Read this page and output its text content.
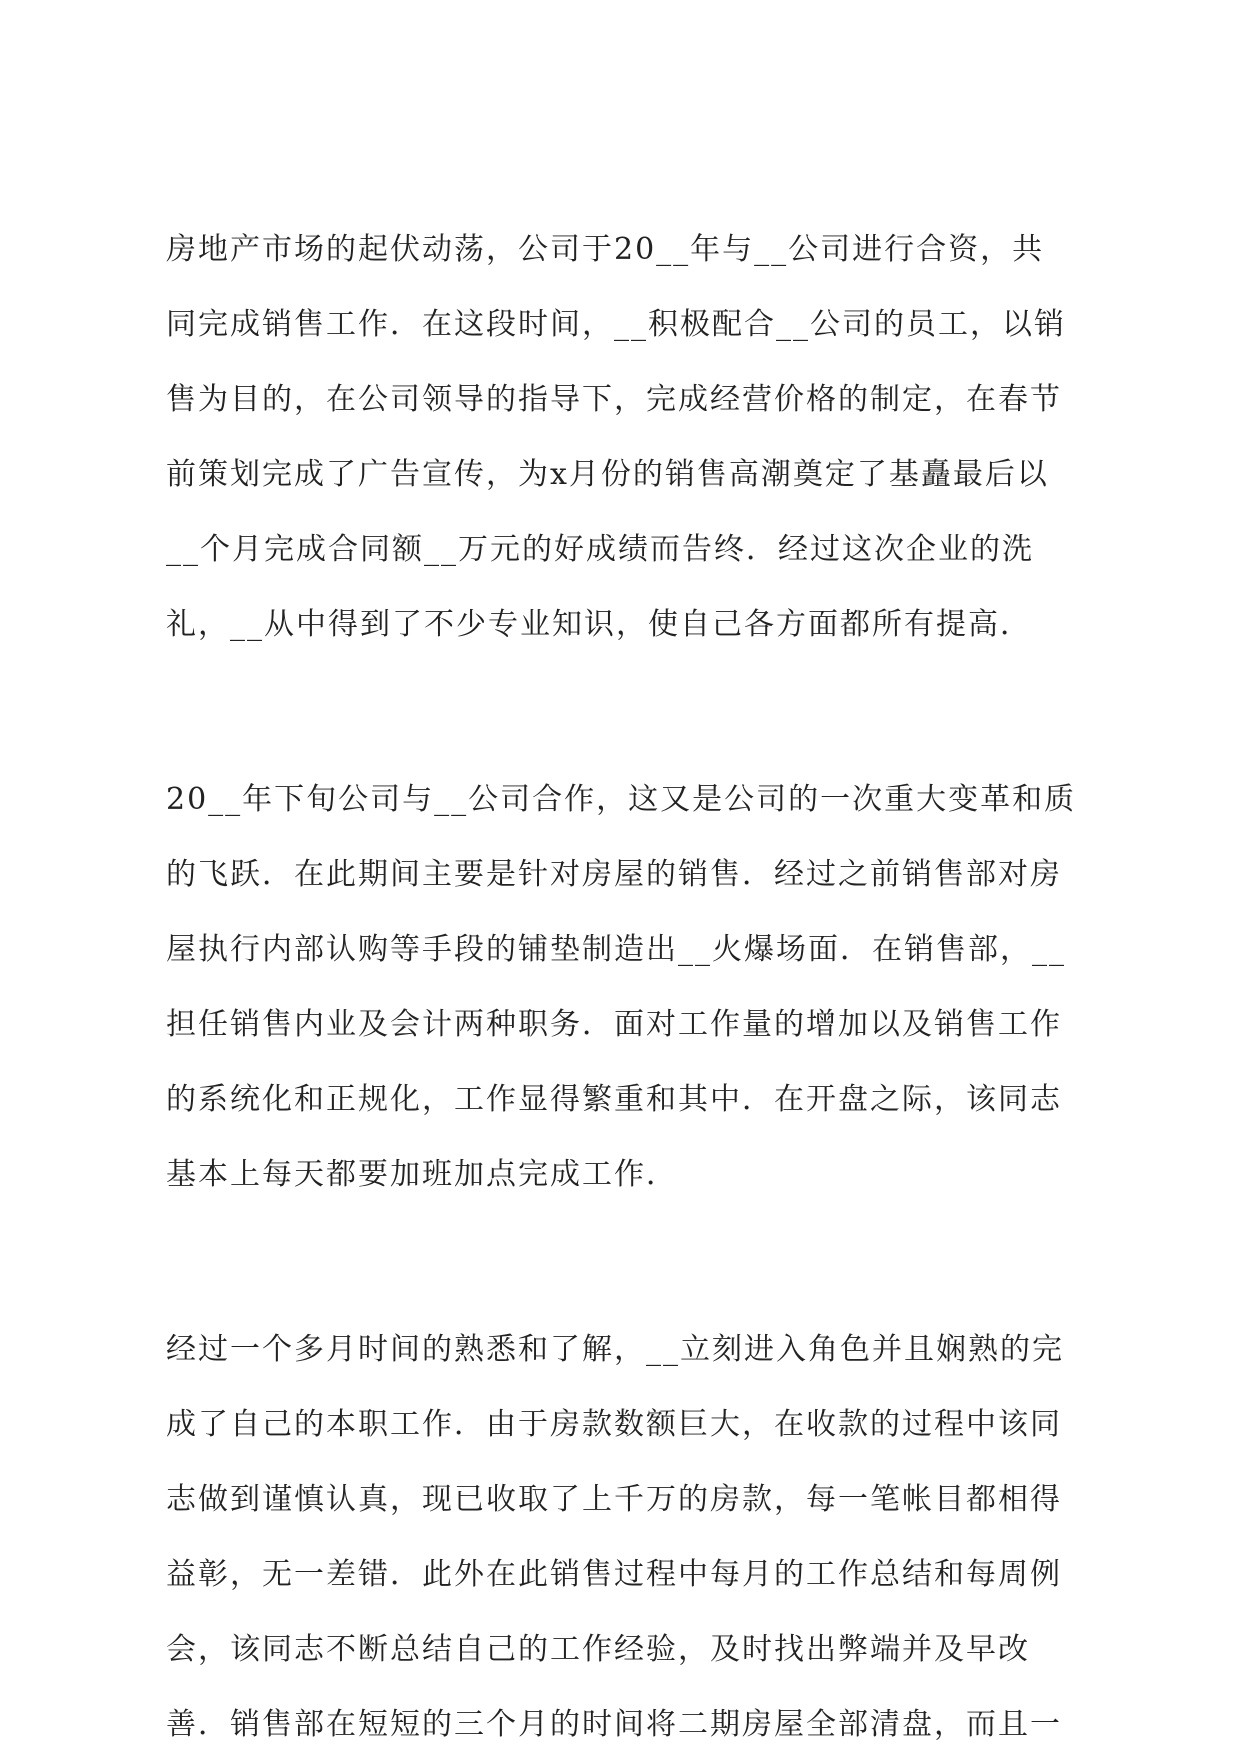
房地产市场的起伏动荡，公司于20__年与__公司进行合资，共
同完成销售工作．在这段时间，__积极配合__公司的员工，以销
售为目的，在公司领导的指导下，完成经营价格的制定，在春节
前策划完成了广告宣传，为x月份的销售高潮奠定了基矗最后以
__个月完成合同额__万元的好成绩而告终．经过这次企业的洗
礼，__从中得到了不少专业知识，使自己各方面都所有提高．
20__年下旬公司与__公司合作，这又是公司的一次重大变革和质
的飞跃．在此期间主要是针对房屋的销售．经过之前销售部对房
屋执行内部认购等手段的铺垫制造出__火爆场面．在销售部，__
担任销售内业及会计两种职务．面对工作量的增加以及销售工作
的系统化和正规化，工作显得繁重和其中．在开盘之际，该同志
基本上每天都要加班加点完成工作．
经过一个多月时间的熟悉和了解，__立刻进入角色并且娴熟的完
成了自己的本职工作．由于房款数额巨大，在收款的过程中该同
志做到谨慎认真，现已收取了上千万的房款，每一笔帐目都相得
益彰，无一差错．此外在此销售过程中每月的工作总结和每周例
会，该同志不断总结自己的工作经验，及时找出弊端并及早改
善．销售部在短短的三个月的时间将二期房屋全部清盘，而且一
